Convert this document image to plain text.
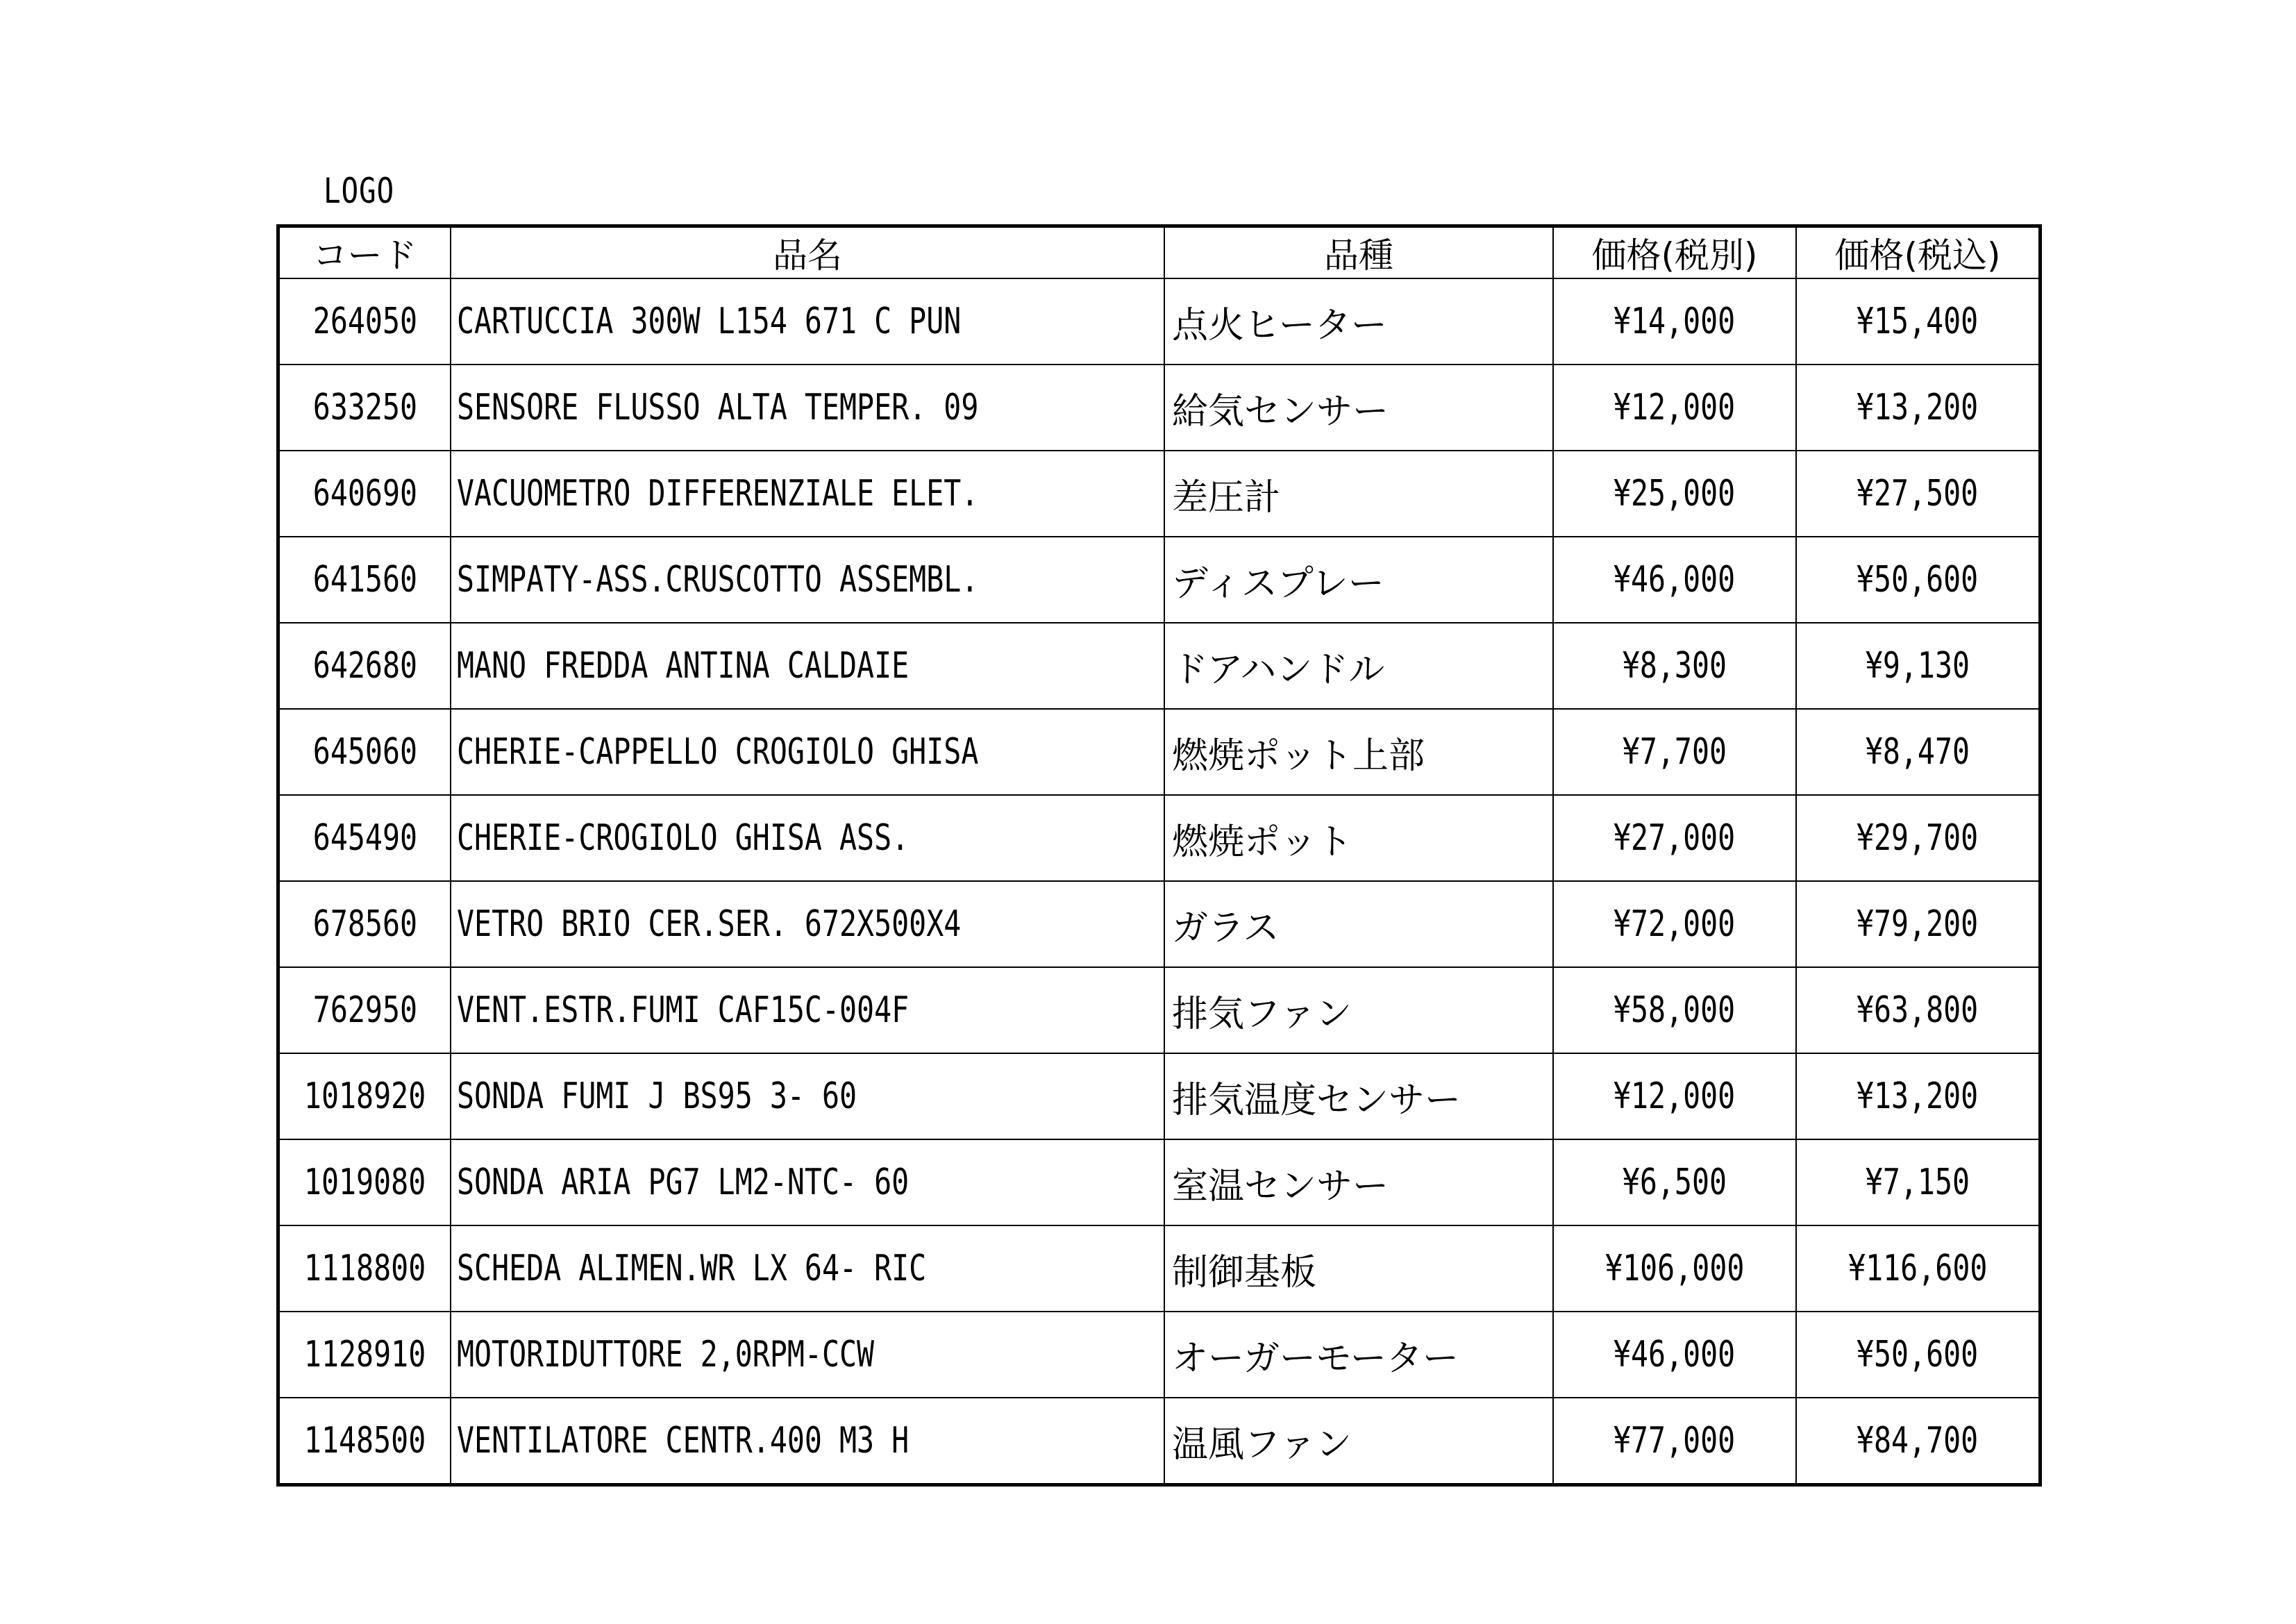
LOGO
コード	品名	品種	価格(税別)	価格(税込)
264050	CARTUCCIA 300W L154 671 C PUN	点火ヒーター	¥14,000	¥15,400
633250	SENSORE FLUSSO ALTA TEMPER. 09	給気センサー	¥12,000	¥13,200
640690	VACUOMETRO DIFFERENZIALE ELET.	差圧計	¥25,000	¥27,500
641560	SIMPATY-ASS.CRUSCOTTO ASSEMBL.	ディスプレー	¥46,000	¥50,600
642680	MANO FREDDA ANTINA CALDAIE	ドアハンドル	¥8,300	¥9,130
645060	CHERIE-CAPPELLO CROGIOLO GHISA	燃焼ポット上部	¥7,700	¥8,470
645490	CHERIE-CROGIOLO GHISA ASS.	燃焼ポット	¥27,000	¥29,700
678560	VETRO BRIO CER.SER. 672X500X4	ガラス	¥72,000	¥79,200
762950	VENT.ESTR.FUMI CAF15C-004F	排気ファン	¥58,000	¥63,800
1018920	SONDA FUMI J BS95 3- 60	排気温度センサー	¥12,000	¥13,200
1019080	SONDA ARIA PG7 LM2-NTC- 60	室温センサー	¥6,500	¥7,150
1118800	SCHEDA ALIMEN.WR LX 64- RIC	制御基板	¥106,000	¥116,600
1128910	MOTORIDUTTORE 2,0RPM-CCW	オーガーモーター	¥46,000	¥50,600
1148500	VENTILATORE CENTR.400 M3 H	温風ファン	¥77,000	¥84,700
